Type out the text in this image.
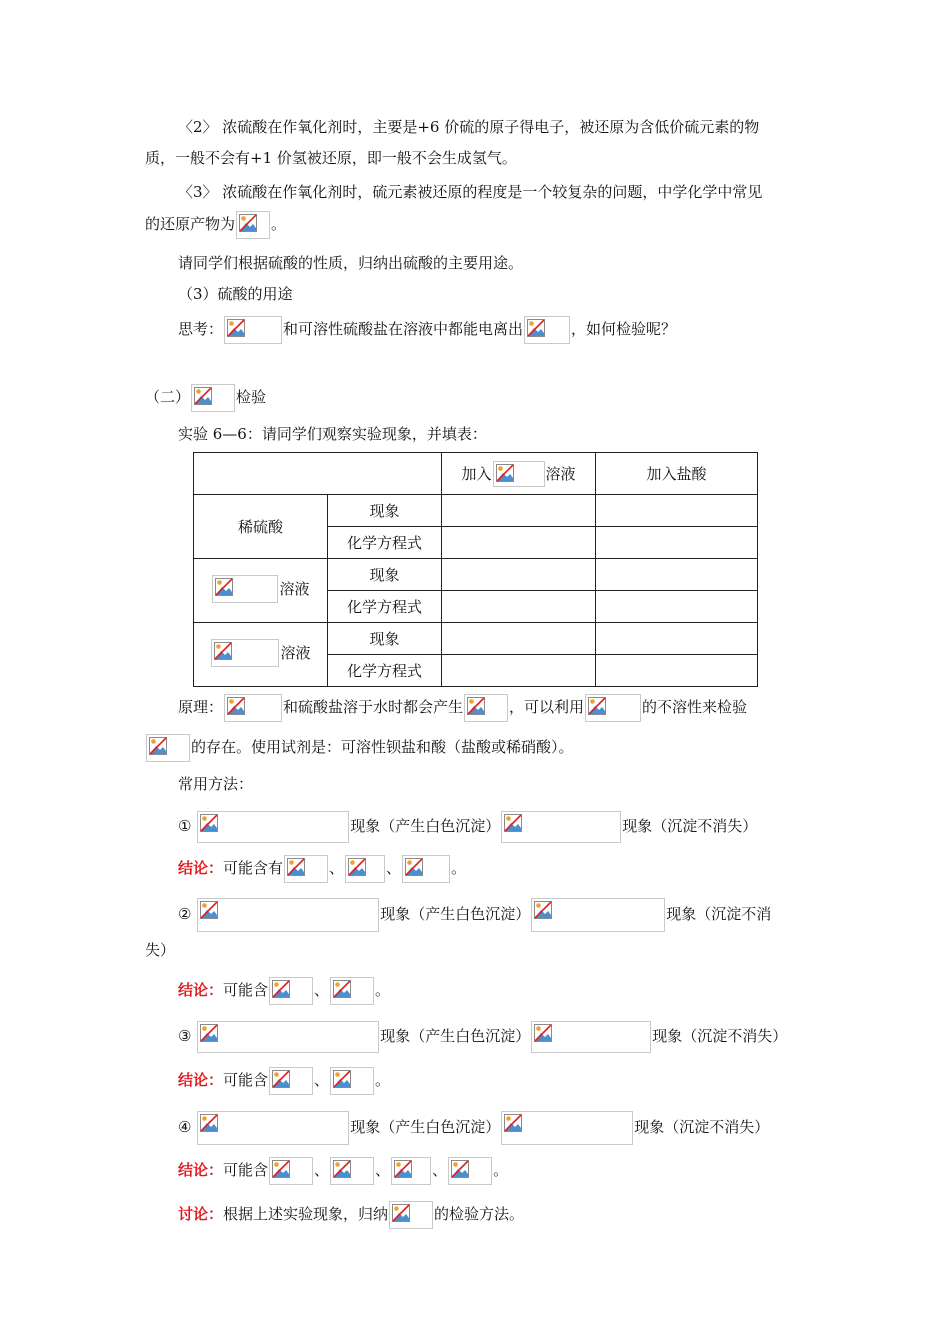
〈2〉 浓硫酸在作氧化剂时，主要是+6 价硫的原子得电子，被还原为含低价硫元素的物
质，一般不会有+1 价氢被还原，即一般不会生成氢气。
〈3〉 浓硫酸在作氧化剂时，硫元素被还原的程度是一个较复杂的问题，中学化学中常见
的还原产物为 。
请同学们根据硫酸的性质，归纳出硫酸的主要用途。
（3）硫酸的用途
思考：	和可溶性硫酸盐在溶液中都能电离出	，如何检验呢？
（二）	检验
实验 6—6：请同学们观察实验现象，并填表：

		加入 溶液	加入盐酸
稀硫酸	现象		
	化学方程式		

溶液	现象		
	化学方程式		

溶液	现象		
	化学方程式		
原理：	和硫酸盐溶于水时都会产生	，可以利用	的不溶性来检验
的存在。使用试剂是：可溶性钡盐和酸（盐酸或稀硝酸）。
常用方法：
①	现象（产生白色沉淀）	现象（沉淀不消失）
结论：可能含有	、	、	。
②	现象（产生白色沉淀）	现象（沉淀不消
失）
结论：可能含	、	。
③	现象（产生白色沉淀）	现象（沉淀不消失）
结论：可能含	、	。
④	现象（产生白色沉淀）	现象（沉淀不消失）
结论：可能含	、	、	、	。
讨论：根据上述实验现象，归纳	的检验方法。
